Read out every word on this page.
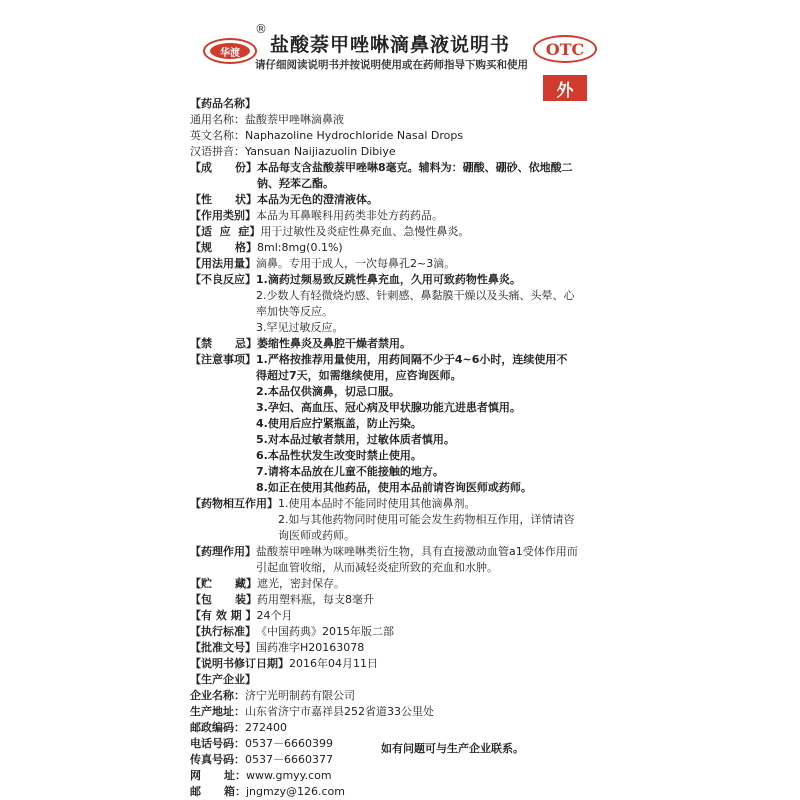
华渡
®
盐酸萘甲唑啉滴鼻液说明书
请仔细阅读说明书并按说明使用或在药师指导下购买和使用
OTC
外
【药品名称】
通用名称： 盐酸萘甲唑啉滴鼻液
英文名称： Naphazoline Hydrochloride Nasal Drops
汉语拼音： Yansuan Naijiazuolin Dibiye
【成      份】 本品每支含盐酸萘甲唑啉8毫克。辅料为：硼酸、硼砂、依地酸二
钠、羟苯乙酯。
【性      状】 本品为无色的澄清液体。
【作用类别】 本品为耳鼻喉科用药类非处方药药品。
【适  应  症】 用于过敏性及炎症性鼻充血、急慢性鼻炎。
【规      格】 8ml:8mg(0.1%)
【用法用量】 滴鼻。专用于成人，一次每鼻孔2~3滴。
【不良反应】 1.滴药过频易致反跳性鼻充血，久用可致药物性鼻炎。
2.少数人有轻微烧灼感、针刺感、鼻黏膜干燥以及头痛、头晕、心
率加快等反应。
3.罕见过敏反应。
【禁      忌】 萎缩性鼻炎及鼻腔干燥者禁用。
【注意事项】 1.严格按推荐用量使用，用药间隔不少于4~6小时，连续使用不
得超过7天，如需继续使用，应咨询医师。
2.本品仅供滴鼻，切忌口服。
3.孕妇、高血压、冠心病及甲状腺功能亢进患者慎用。
4.使用后应拧紧瓶盖，防止污染。
5.对本品过敏者禁用，过敏体质者慎用。
6.本品性状发生改变时禁止使用。
7.请将本品放在儿童不能接触的地方。
8.如正在使用其他药品，使用本品前请咨询医师或药师。
【药物相互作用】 1.使用本品时不能同时使用其他滴鼻剂。
2.如与其他药物同时使用可能会发生药物相互作用，详情请咨
询医师或药师。
【药理作用】 盐酸萘甲唑啉为咪唑啉类衍生物，具有直接激动血管a1受体作用而
引起血管收缩，从而减轻炎症所致的充血和水肿。
【贮      藏】 遮光，密封保存。
【包      装】 药用塑料瓶，每支8毫升
【有 效 期 】 24个月
【执行标准】 《中国药典》2015年版二部
【批准文号】 国药准字H20163078
【说明书修订日期】 2016年04月11日
【生产企业】
企业名称： 济宁光明制药有限公司
生产地址： 山东省济宁市嘉祥县252省道33公里处
邮政编码： 272400
电话号码： 0537－6660399
传真号码： 0537－6660377
网      址： www.gmyy.com
邮      箱： jngmzy@126.com
如有问题可与生产企业联系。
